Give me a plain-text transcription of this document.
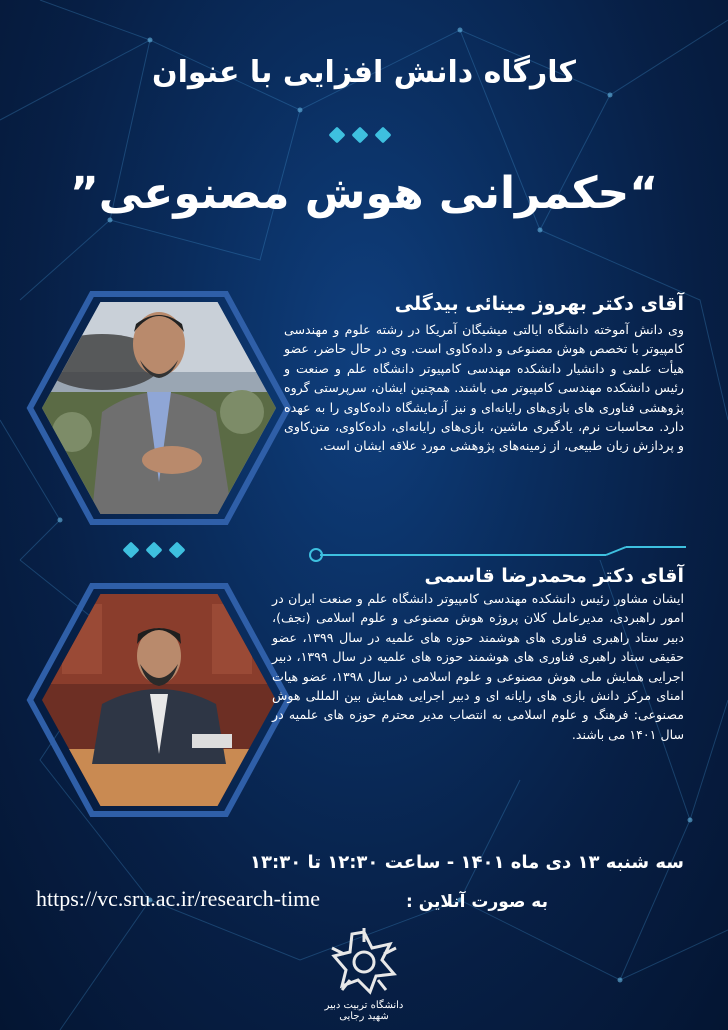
کارگاه دانش افزایی با عنوان
“حکمرانی هوش مصنوعی”
آقای دکتر بهروز مینائی بیدگلی
وی دانش آموخته دانشگاه ایالتی میشیگان آمریکا در رشته علوم و مهندسی کامپیوتر با تخصص هوش مصنوعی و داده‌کاوی است. وی در حال حاضر، عضو هیأت علمی و دانشیار دانشکده مهندسی کامپیوتر دانشگاه علم و صنعت و رئیس دانشکده مهندسی کامپیوتر می باشند. همچنین ایشان، سرپرستی گروه پژوهشی فناوری های بازی‌های رایانه‌ای و نیز آزمایشگاه داده‌کاوی را به عهده دارد. محاسبات نرم، یادگیری ماشین، بازی‌های رایانه‌ای، داده‌کاوی، متن‌کاوی و پردازش زبان طبیعی، از زمینه‌های پژوهشی مورد علاقه ایشان است.
آقای دکتر محمدرضا قاسمی
ایشان مشاور رئیس دانشکده مهندسی کامپیوتر دانشگاه علم و صنعت ایران در امور راهبردی، مدیرعامل کلان پروژه هوش مصنوعی و علوم اسلامی (نجف)، دبیر ستاد راهبری فناوری های هوشمند حوزه های علمیه در سال ۱۳۹۹، عضو حقیقی ستاد راهبری فناوری های هوشمند حوزه های علمیه در سال ۱۳۹۹، دبیر اجرایی همایش ملی هوش مصنوعی و علوم اسلامی در سال ۱۳۹۸، عضو هیات امنای مرکز دانش بازی های رایانه ای و دبیر اجرایی همایش بین المللی هوش مصنوعی: فرهنگ و علوم اسلامی به انتصاب مدیر محترم حوزه های علمیه در سال ۱۴۰۱ می باشند.
سه شنبه ۱۳ دی ماه ۱۴۰۱ - ساعت ۱۲:۳۰ تا ۱۳:۳۰
به صورت آنلاین :
https://vc.sru.ac.ir/research-time
دانشگاه تربیت دبیر شهید رجایی
